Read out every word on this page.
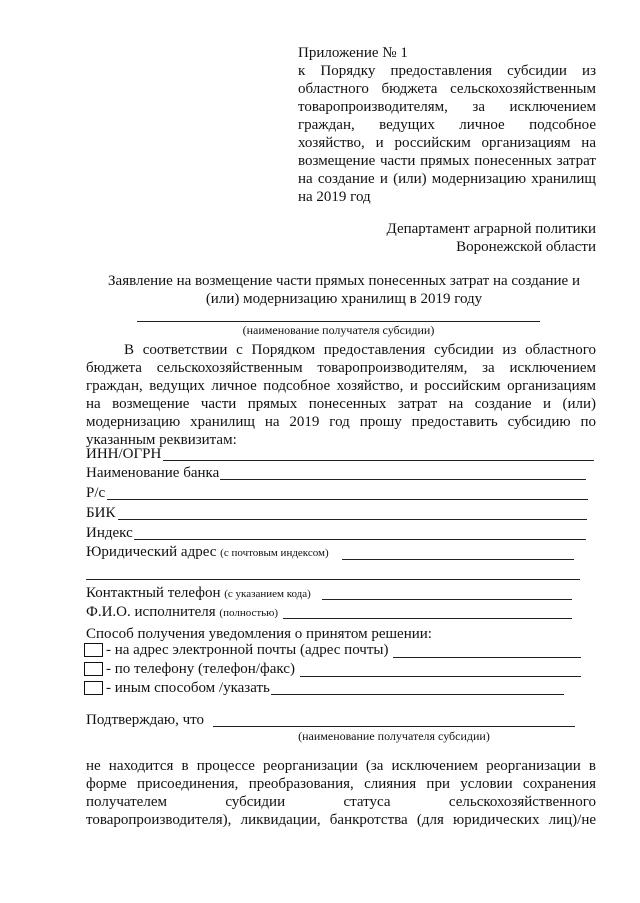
Приложение № 1
к Порядку предоставления субсидии из
областного бюджета сельскохозяйственным
товаропроизводителям, за исключением
граждан, ведущих личное подсобное
хозяйство, и российским организациям на
возмещение части прямых понесенных затрат
на создание и (или) модернизацию хранилищ
на 2019 год
Департамент аграрной политики
Воронежской области
Заявление на возмещение части прямых понесенных затрат на создание и
(или) модернизацию хранилищ в 2019 году
(наименование получателя субсидии)
В соответствии с Порядком предоставления субсидии из областного
бюджета сельскохозяйственным товаропроизводителям, за исключением
граждан, ведущих личное подсобное хозяйство, и российским организациям
на возмещение части прямых понесенных затрат на создание и (или)
модернизацию хранилищ на 2019 год прошу предоставить субсидию по
указанным реквизитам:
ИНН/ОГРН
Наименование банка
Р/с
БИК
Индекс
Юридический адрес (с почтовым индексом)
Контактный телефон (с указанием кода)
Ф.И.О. исполнителя (полностью)
Способ получения уведомления о принятом решении:
- на адрес электронной почты (адрес почты)
- по телефону (телефон/факс)
- иным способом /указать
Подтверждаю, что
(наименование получателя субсидии)
не находится в процессе реорганизации (за исключением реорганизации в
форме присоединения, преобразования, слияния при условии сохранения
получателем субсидии статуса сельскохозяйственного
товаропроизводителя), ликвидации, банкротства (для юридических лиц)/не
